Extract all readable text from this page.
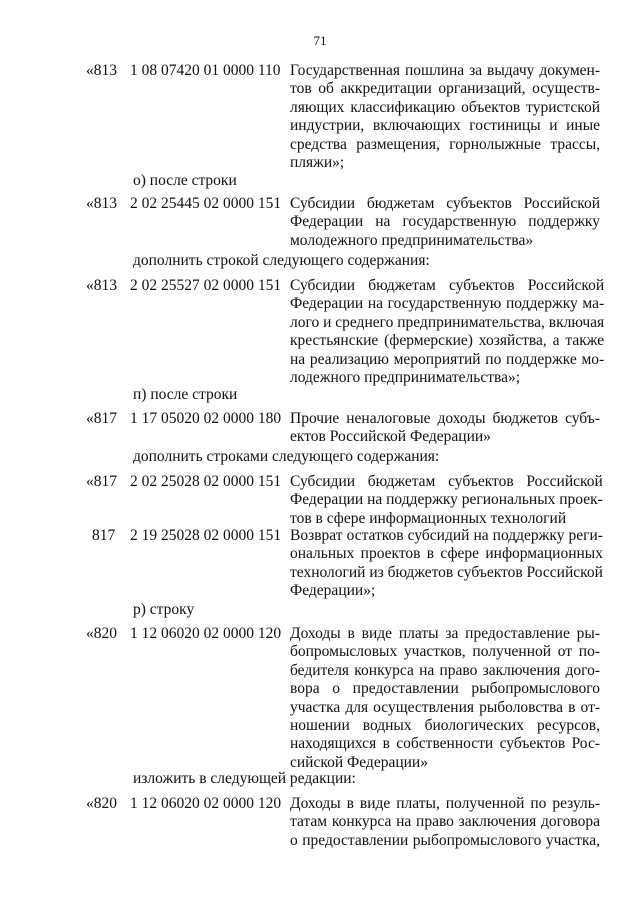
71
«813 1 08 07420 01 0000 110 Государственная пошлина за выдачу докумен-
тов об аккредитации организаций, осуществ-
ляющих классификацию объектов туристской
индустрии, включающих гостиницы и иные
средства размещения, горнолыжные трассы,
пляжи»;
о) после строки
«813 2 02 25445 02 0000 151 Субсидии бюджетам субъектов Российской
Федерации на государственную поддержку
молодежного предпринимательства»
дополнить строкой следующего содержания:
«813 2 02 25527 02 0000 151 Субсидии бюджетам субъектов Российской
Федерации на государственную поддержку ма-
лого и среднего предпринимательства, включая
крестьянские (фермерские) хозяйства, а также
на реализацию мероприятий по поддержке мо-
лодежного предпринимательства»;
п) после строки
«817 1 17 05020 02 0000 180 Прочие неналоговые доходы бюджетов субъ-
ектов Российской Федерации»
дополнить строками следующего содержания:
«817 2 02 25028 02 0000 151 Субсидии бюджетам субъектов Российской
Федерации на поддержку региональных проек-
тов в сфере информационных технологий
817 2 19 25028 02 0000 151 Возврат остатков субсидий на поддержку реги-
ональных проектов в сфере информационных
технологий из бюджетов субъектов Российской
Федерации»;
р) строку
«820 1 12 06020 02 0000 120 Доходы в виде платы за предоставление ры-
бопромысловых участков, полученной от по-
бедителя конкурса на право заключения дого-
вора о предоставлении рыбопромыслового
участка для осуществления рыболовства в от-
ношении водных биологических ресурсов,
находящихся в собственности субъектов Рос-
сийской Федерации»
изложить в следующей редакции:
«820 1 12 06020 02 0000 120 Доходы в виде платы, полученной по резуль-
татам конкурса на право заключения договора
о предоставлении рыбопромыслового участка,
